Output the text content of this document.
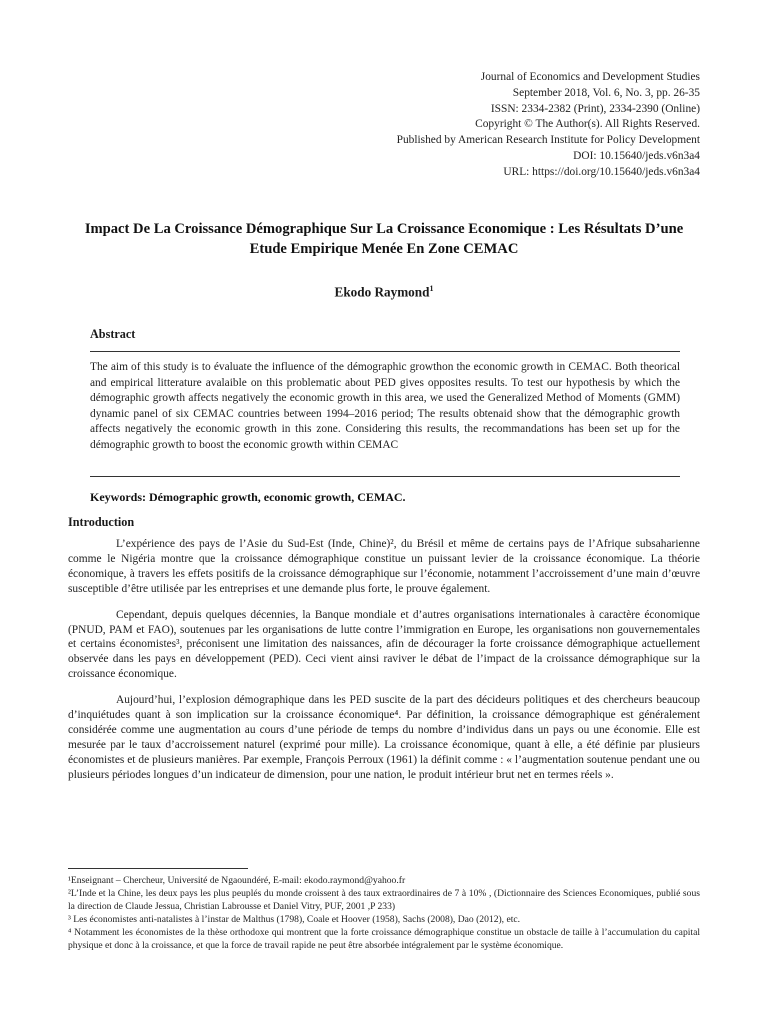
Journal of Economics and Development Studies
September 2018, Vol. 6, No. 3, pp. 26-35
ISSN: 2334-2382 (Print), 2334-2390 (Online)
Copyright © The Author(s). All Rights Reserved.
Published by American Research Institute for Policy Development
DOI: 10.15640/jeds.v6n3a4
URL: https://doi.org/10.15640/jeds.v6n3a4
Impact De La Croissance Démographique Sur La Croissance Economique : Les Résultats D’une Etude Empirique Menée En Zone CEMAC
Ekodo Raymond$^1$
Abstract
The aim of this study is to évaluate the influence of the démographic growthon the economic growth in CEMAC. Both theorical and empirical litterature avalaible on this problematic about PED gives opposites results. To test our hypothesis by which the démographic growth affects negatively the economic growth in this area, we used the Generalized Method of Moments (GMM) dynamic panel of six CEMAC countries between 1994–2016 period; The results obtenaid show that the démographic growth affects negatively the economic growth in this zone. Considering this results, the recommandations has been set up for the démographic growth to boost the economic growth within CEMAC
Keywords: Démographic growth, economic growth, CEMAC.
Introduction

L’expérience des pays de l’Asie du Sud-Est (Inde, Chine)², du Brésil et même de certains pays de l’Afrique subsaharienne comme le Nigéria montre que la croissance démographique constitue un puissant levier de la croissance économique. La théorie économique, à travers les effets positifs de la croissance démographique sur l’économie, notamment l’accroissement d’une main d’œuvre susceptible d’être utilisée par les entreprises et une demande plus forte, le prouve également.

Cependant, depuis quelques décennies, la Banque mondiale et d’autres organisations internationales à caractère économique (PNUD, PAM et FAO), soutenues par les organisations de lutte contre l’immigration en Europe, les organisations non gouvernementales et certains économistes³, préconisent une limitation des naissances, afin de décourager la forte croissance démographique actuellement observée dans les pays en développement (PED). Ceci vient ainsi raviver le débat de l’impact de la croissance démographique sur la croissance économique.

Aujourd’hui, l’explosion démographique dans les PED suscite de la part des décideurs politiques et des chercheurs beaucoup d’inquiétudes quant à son implication sur la croissance économique⁴. Par définition, la croissance démographique est généralement considérée comme une augmentation au cours d’une période de temps du nombre d’individus dans un pays ou une économie. Elle est mesurée par le taux d’accroissement naturel (exprimé pour mille). La croissance économique, quant à elle, a été définie par plusieurs économistes et de plusieurs manières. Par exemple, François Perroux (1961) la définit comme : « l’augmentation soutenue pendant une ou plusieurs périodes longues d’un indicateur de dimension, pour une nation, le produit intérieur brut net en termes réels ».

¹Enseignant – Chercheur, Université de Ngaoundéré, E-mail: ekodo.raymond@yahoo.fr

²L’Inde et la Chine, les deux pays les plus peuplés du monde croissent à des taux extraordinaires de 7 à 10% , (Dictionnaire des Sciences Economiques, publié sous la direction de Claude Jessua, Christian Labrousse et Daniel Vitry, PUF, 2001 ,P 233)

³ Les économistes anti-natalistes à l’instar de Malthus (1798), Coale et Hoover (1958), Sachs (2008), Dao (2012), etc.

⁴ Notamment les économistes de la thèse orthodoxe qui montrent que la forte croissance démographique constitue un obstacle de taille à l’accumulation du capital physique et donc à la croissance, et que la force de travail rapide ne peut être absorbée intégralement par le système économique.
